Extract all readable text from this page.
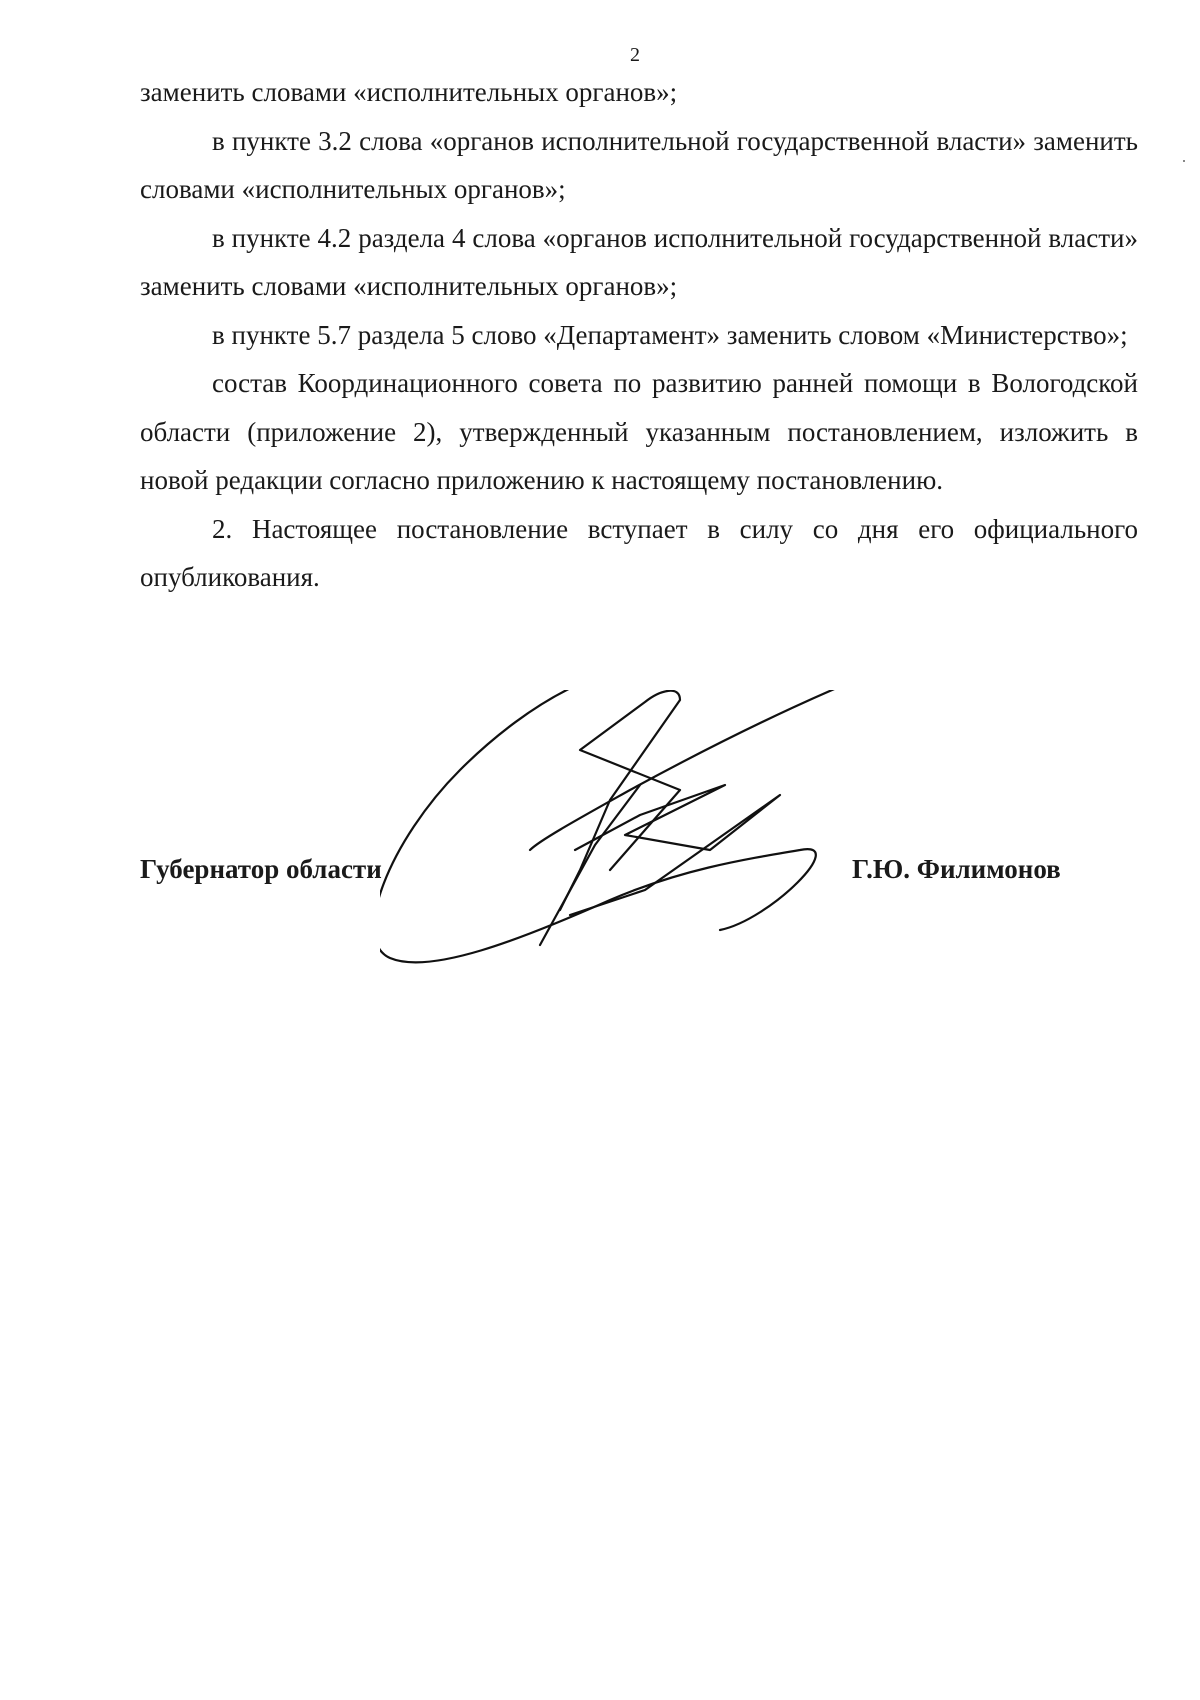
2

заменить словами «исполнительных органов»;

в пункте 3.2 слова «органов исполнительной государственной власти» заменить словами «исполнительных органов»;

в пункте 4.2 раздела 4 слова «органов исполнительной государственной власти» заменить словами «исполнительных органов»;

в пункте 5.7 раздела 5 слово «Департамент» заменить словом «Министерство»;

состав Координационного совета по развитию ранней помощи в Вологодской области (приложение 2), утвержденный указанным постановлением, изложить в новой редакции согласно приложению к настоящему постановлению.

2. Настоящее постановление вступает в силу со дня его официального опубликования.

Губернатор области	Г.Ю. Филимонов
